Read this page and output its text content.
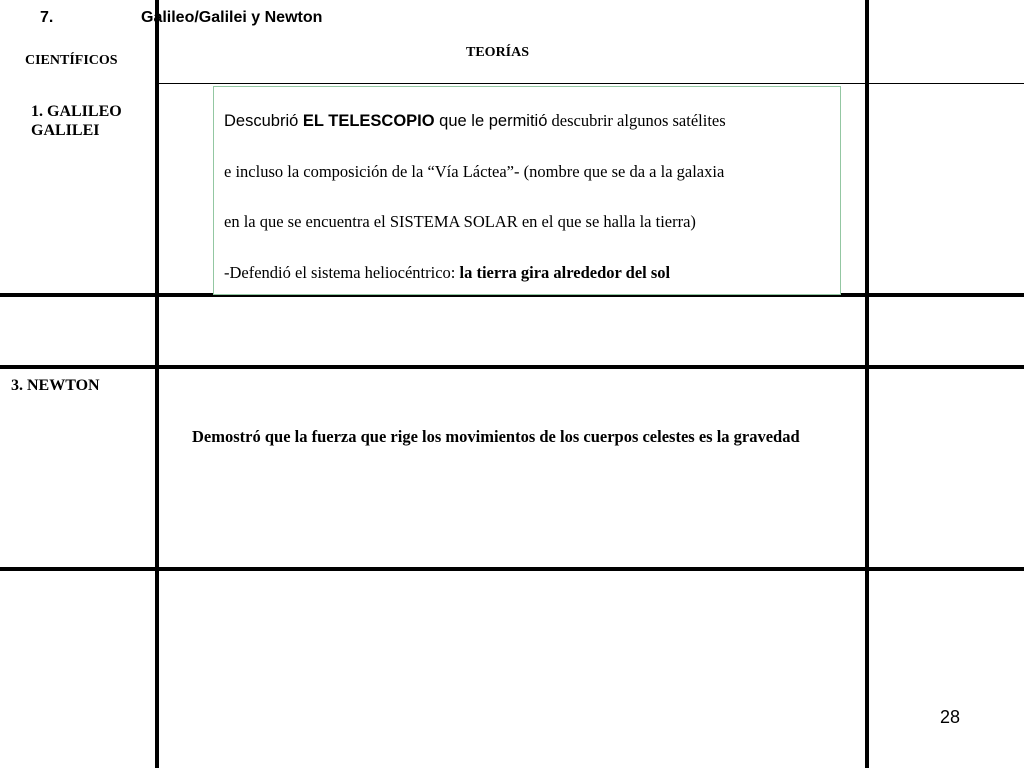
7.	Galileo/Galilei y Newton
CIENTÍFICOS
TEORÍAS
1. GALILEO GALILEI
Descubrió EL TELESCOPIO que le permitió descubrir algunos satélites
e incluso la composición de la “Vía Láctea”- (nombre que se da a la galaxia
en la que se encuentra el SISTEMA SOLAR en el que se halla la tierra)
-Defendió el sistema heliocéntrico: la tierra gira alrededor del sol
3. NEWTON
Demostró que la fuerza que rige los movimientos de los cuerpos celestes es la gravedad
28
